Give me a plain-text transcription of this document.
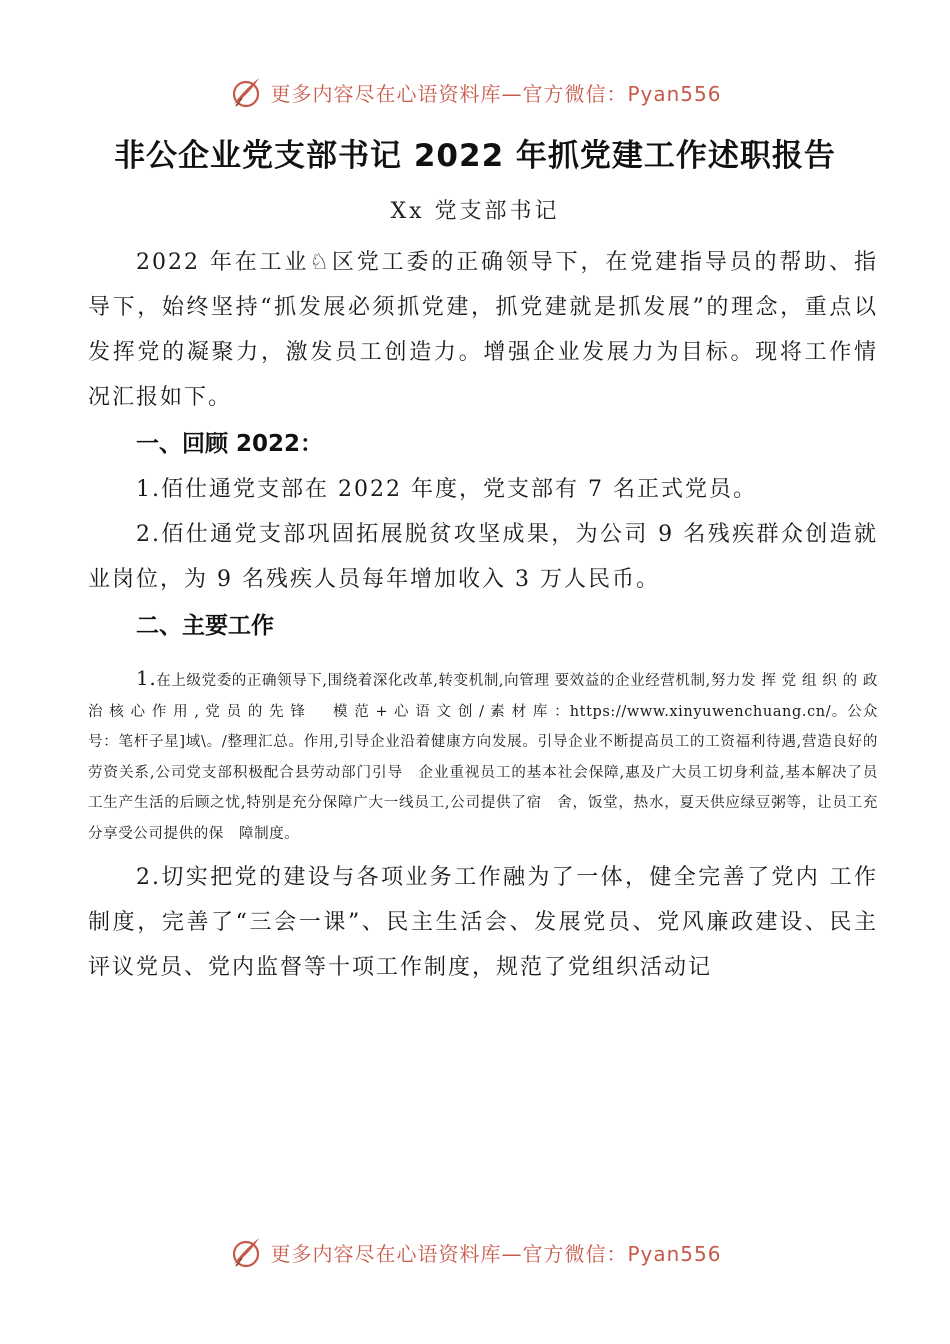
更多内容尽在心语资料库—官方微信：Pyan556
非公企业党支部书记 2022 年抓党建工作述职报告
Xx 党支部书记

2022 年在工业♘区党工委的正确领导下，在党建指导员的帮助、指导下，始终坚持“抓发展必须抓党建，抓党建就是抓发展”的理念，重点以发挥党的凝聚力，激发员工创造力。增强企业发展力为目标。现将工作情况汇报如下。

一、回顾 2022：

1.佰仕通党支部在 2022 年度，党支部有 7 名正式党员。

2.佰仕通党支部巩固拓展脱贫攻坚成果，为公司 9 名残疾群众创造就业岗位，为 9 名残疾人员每年增加收入 3 万人民币。

二、主要工作

1.在上级党委的正确领导下,围绕着深化改革,转变机制,向管理 要效益的企业经营机制,努力发 挥 党 组 织 的 政 治 核 心 作 用 , 党 员 的 先 锋 　 模 范 + 心 语 文 创 / 素 材 库 ：https://www.xinyuwenchuang.cn/。公众号：笔杆子星]域\。/整理汇总。作用,引导企业沿着健康方向发展。引导企业不断提高员工的工资福利待遇,营造良好的劳资关系,公司党支部积极配合县劳动部门引导　企业重视员工的基本社会保障,惠及广大员工切身利益,基本解决了员　工生产生活的后顾之忧,特别是充分保障广大一线员工,公司提供了宿　舍，饭堂，热水，夏天供应绿豆粥等，让员工充分享受公司提供的保　障制度。

2.切实把党的建设与各项业务工作融为了一体，健全完善了党内 工作制度，完善了“三会一课”、民主生活会、发展党员、党风廉政建设、民主评议党员、党内监督等十项工作制度，规范了党组织活动记

更多内容尽在心语资料库—官方微信：Pyan556
